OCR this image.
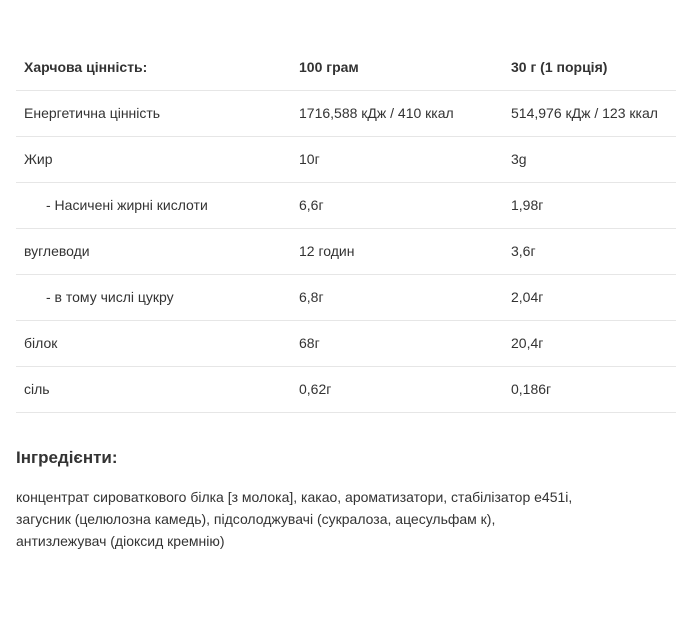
Харчова цінність:	100 грам	30 г (1 порція)
Енергетична цінність	1716,588 кДж / 410 ккал	514,976 кДж / 123 ккал
Жир	10г	3g
- Насичені жирні кислоти	6,6г	1,98г
вуглеводи	12 годин	3,6г
- в тому числі цукру	6,8г	2,04г
білок	68г	20,4г
сіль	0,62г	0,186г
Інгредієнти:

концентрат сироваткового білка [з молока], какао, ароматизатори, стабілізатор е451і,
загусник (целюлозна камедь), підсолоджувачі (сукралоза, ацесульфам к),
антизлежувач (діоксид кремнію)
